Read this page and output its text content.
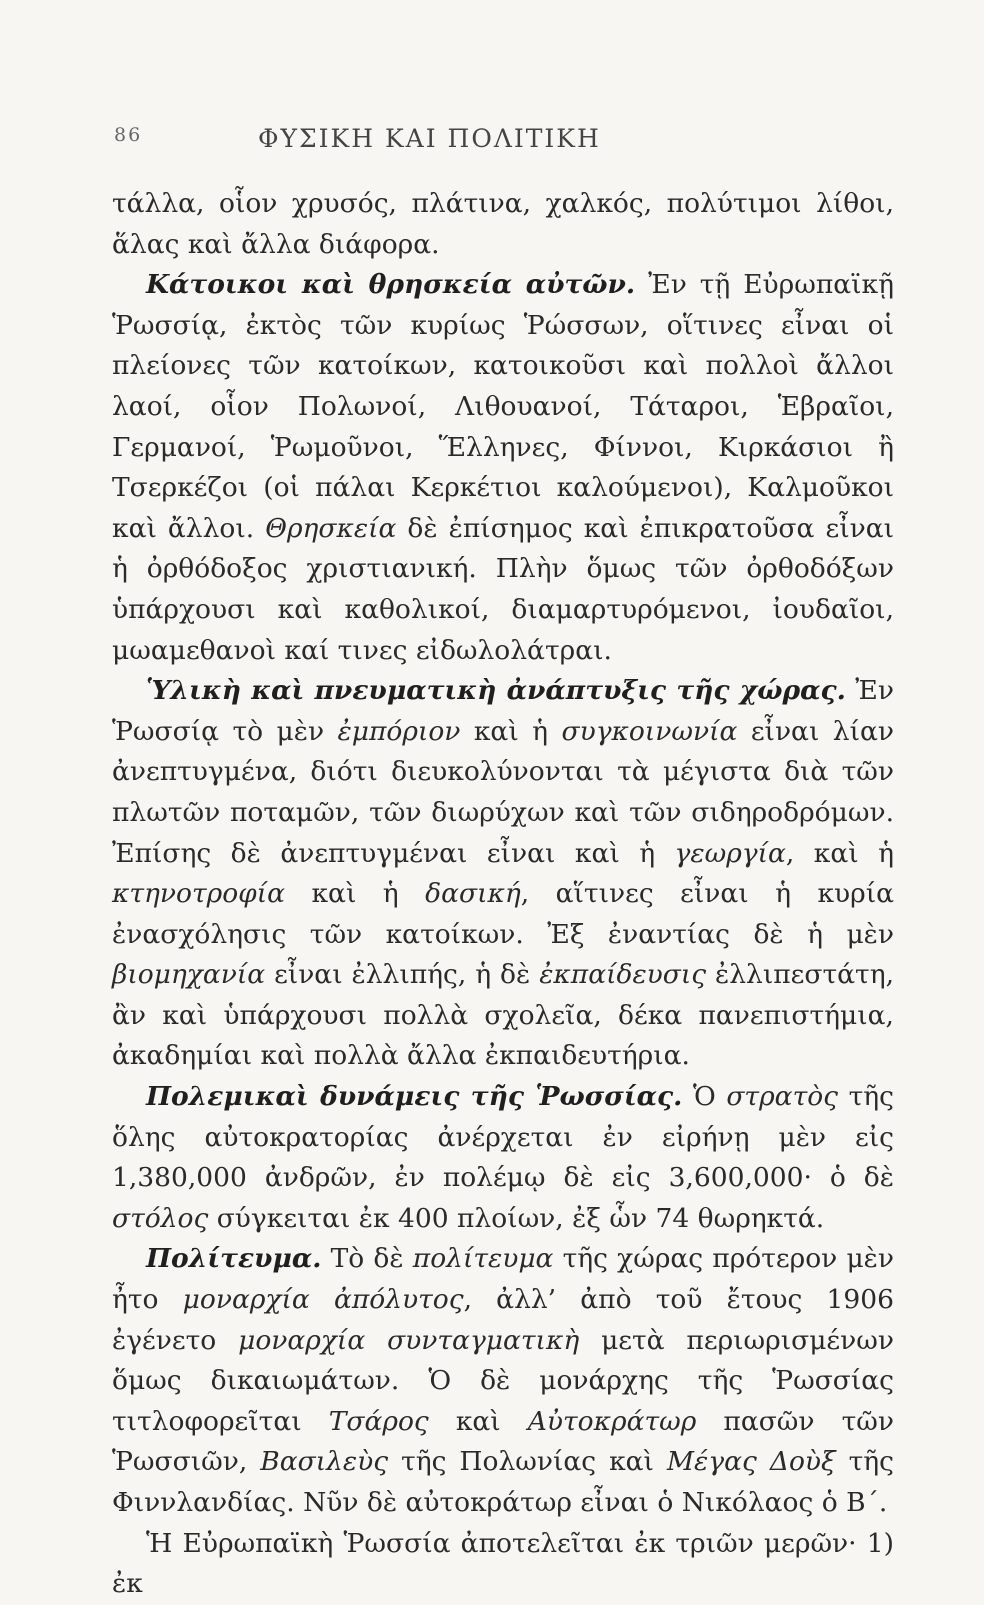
86	ΦΥΣΙΚΗ ΚΑΙ ΠΟΛΙΤΙΚΗ

τάλλα, οἷον χρυσός, πλάτινα, χαλκός, πολύτιμοι λίθοι, ἅλας καὶ ἄλλα διάφορα.

Κάτοικοι καὶ θρησκεία αὐτῶν. Ἐν τῇ Εὐρωπαϊκῇ Ῥωσσίᾳ, ἐκτὸς τῶν κυρίως Ῥώσσων, οἵτινες εἶναι οἱ πλείονες τῶν κατοίκων, κατοικοῦσι καὶ πολλοὶ ἄλλοι λαοί, οἷον Πολωνοί, Λιθουανοί, Τάταροι, Ἑβραῖοι, Γερμανοί, Ῥωμοῦνοι, Ἕλληνες, Φίννοι, Κιρκάσιοι ἢ Τσερκέζοι (οἱ πάλαι Κερκέτιοι καλούμενοι), Καλμοῦκοι καὶ ἄλλοι. Θρησκεία δὲ ἐπίσημος καὶ ἐπικρατοῦσα εἶναι ἡ ὀρθόδοξος χριστιανική. Πλὴν ὅμως τῶν ὀρθοδόξων ὑπάρχουσι καὶ καθολικοί, διαμαρτυρόμενοι, ἰουδαῖοι, μωαμεθανοὶ καί τινες εἰδωλολάτραι.

Ὑλικὴ καὶ πνευματικὴ ἀνάπτυξις τῆς χώρας. Ἐν Ῥωσσίᾳ τὸ μὲν ἐμπόριον καὶ ἡ συγκοινωνία εἶναι λίαν ἀνεπτυγμένα, διότι διευκολύνονται τὰ μέγιστα διὰ τῶν πλωτῶν ποταμῶν, τῶν διωρύχων καὶ τῶν σιδηροδρόμων. Ἐπίσης δὲ ἀνεπτυγμέναι εἶναι καὶ ἡ γεωργία, καὶ ἡ κτηνοτροφία καὶ ἡ δασική, αἵτινες εἶναι ἡ κυρία ἐνασχόλησις τῶν κατοίκων. Ἐξ ἐναντίας δὲ ἡ μὲν βιομηχανία εἶναι ἐλλιπής, ἡ δὲ ἐκπαίδευσις ἐλλιπεστάτη, ἂν καὶ ὑπάρχουσι πολλὰ σχολεῖα, δέκα πανεπιστήμια, ἀκαδημίαι καὶ πολλὰ ἄλλα ἐκπαιδευτήρια.

Πολεμικαὶ δυνάμεις τῆς Ῥωσσίας. Ὁ στρατὸς τῆς ὅλης αὐτοκρατορίας ἀνέρχεται ἐν εἰρήνῃ μὲν εἰς 1,380,000 ἀνδρῶν, ἐν πολέμῳ δὲ εἰς 3,600,000· ὁ δὲ στόλος σύγκειται ἐκ 400 πλοίων, ἐξ ὧν 74 θωρηκτά.

Πολίτευμα. Τὸ δὲ πολίτευμα τῆς χώρας πρότερον μὲν ἦτο μοναρχία ἀπόλυτος, ἀλλ’ ἀπὸ τοῦ ἔτους 1906 ἐγένετο μοναρχία συνταγματικὴ μετὰ περιωρισμένων ὅμως δικαιωμάτων. Ὁ δὲ μονάρχης τῆς Ῥωσσίας τιτλοφορεῖται Τσάρος καὶ Αὐτοκράτωρ πασῶν τῶν Ῥωσσιῶν, Βασιλεὺς τῆς Πολωνίας καὶ Μέγας Δοὺξ τῆς Φιννλανδίας. Νῦν δὲ αὐτοκράτωρ εἶναι ὁ Νικόλαος ὁ Β΄.

Ἡ Εὐρωπαϊκὴ Ῥωσσία ἀποτελεῖται ἐκ τριῶν μερῶν· 1) ἐκ
